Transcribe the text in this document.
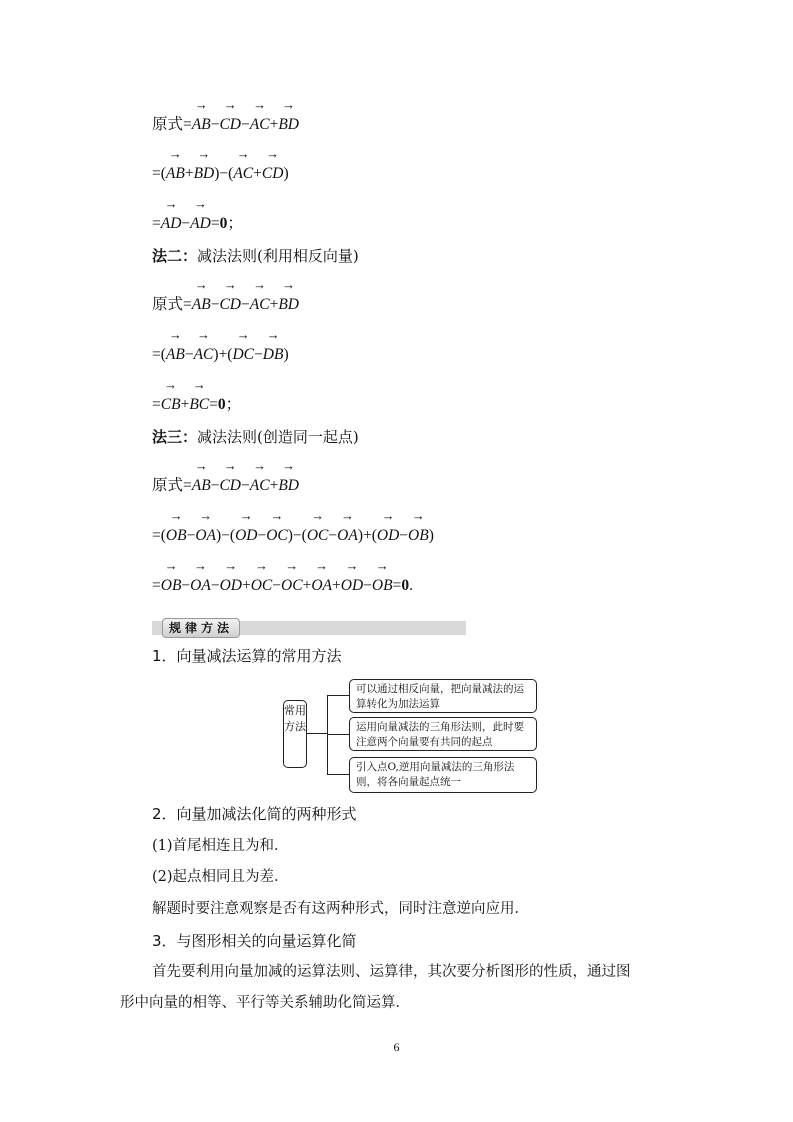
原式=→ AB−→ CD−→ AC+→ BD
=(→ AB+→ BD)−(→ AC+→ CD)
=→ AD−→ AD=0；
法二：减法法则(利用相反向量)
原式=→ AB−→ CD−→ AC+→ BD
=(→ AB−→ AC)+(→ DC−→ DB)
=→ CB+→ BC=0；
法三：减法法则(创造同一起点)
原式=→ AB−→ CD−→ AC+→ BD
=(→ OB−→ OA)−(→ OD−→ OC)−(→ OC−→ OA)+(→ OD−→ OB)
=→ OB−→ OA−→ OD+→ OC−→ OC+→ OA+→ OD−→ OB=0.
规律方法
1．向量减法运算的常用方法
常用方法
可以通过相反向量，把向量减法的运算转化为加法运算
运用向量减法的三角形法则，此时要注意两个向量要有共同的起点
引入点O,逆用向量减法的三角形法则，将各向量起点统一
2．向量加减法化简的两种形式
(1)首尾相连且为和．
(2)起点相同且为差．
解题时要注意观察是否有这两种形式，同时注意逆向应用．
3．与图形相关的向量运算化简
首先要利用向量加减的运算法则、运算律，其次要分析图形的性质，通过图
形中向量的相等、平行等关系辅助化简运算．
6
